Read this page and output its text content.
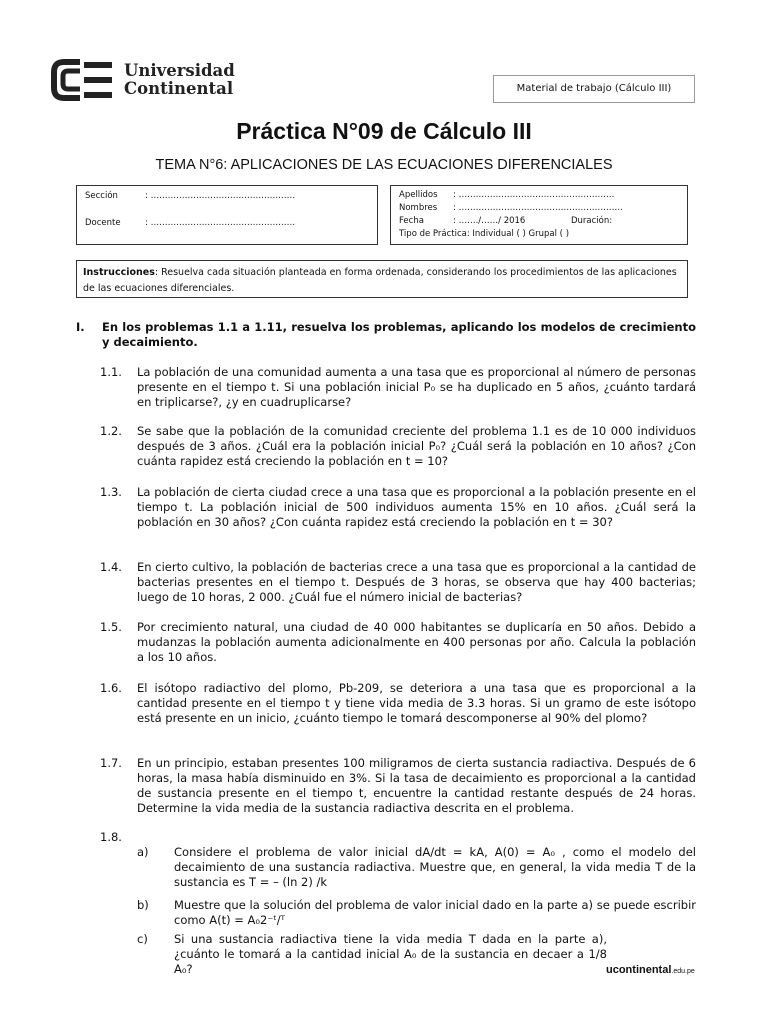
Universidad
Continental	Material de trabajo (Cálculo III)
Práctica N°09 de Cálculo III
TEMA N°6: APLICACIONES DE LAS ECUACIONES DIFERENCIALES
Sección	: ……………………………………………
Docente	: ……………………………………………
Apellidos : ……………………………………………….
Nombres : ………………………………………………….
Fecha	: ……./……/ 2016	Duración:
Tipo de Práctica: Individual ( ) Grupal ( )
Instrucciones: Resuelva cada situación planteada en forma ordenada, considerando los procedimientos de las aplicaciones de las ecuaciones diferenciales.
I. En los problemas 1.1 a 1.11, resuelva los problemas, aplicando los modelos de crecimiento y decaimiento.
1.1. La población de una comunidad aumenta a una tasa que es proporcional al número de personas presente en el tiempo t. Si una población inicial P₀ se ha duplicado en 5 años, ¿cuánto tardará en triplicarse?, ¿y en cuadruplicarse?
1.2. Se sabe que la población de la comunidad creciente del problema 1.1 es de 10 000 individuos después de 3 años. ¿Cuál era la población inicial P₀? ¿Cuál será la población en 10 años? ¿Con cuánta rapidez está creciendo la población en t = 10?
1.3. La población de cierta ciudad crece a una tasa que es proporcional a la población presente en el tiempo t. La población inicial de 500 individuos aumenta 15% en 10 años. ¿Cuál será la población en 30 años? ¿Con cuánta rapidez está creciendo la población en t = 30?
1.4. En cierto cultivo, la población de bacterias crece a una tasa que es proporcional a la cantidad de bacterias presentes en el tiempo t. Después de 3 horas, se observa que hay 400 bacterias; luego de 10 horas, 2 000. ¿Cuál fue el número inicial de bacterias?
1.5. Por crecimiento natural, una ciudad de 40 000 habitantes se duplicaría en 50 años. Debido a mudanzas la población aumenta adicionalmente en 400 personas por año. Calcula la población a los 10 años.
1.6. El isótopo radiactivo del plomo, Pb-209, se deteriora a una tasa que es proporcional a la cantidad presente en el tiempo t y tiene vida media de 3.3 horas. Si un gramo de este isótopo está presente en un inicio, ¿cuánto tiempo le tomará descomponerse al 90% del plomo?
1.7. En un principio, estaban presentes 100 miligramos de cierta sustancia radiactiva. Después de 6 horas, la masa había disminuido en 3%. Si la tasa de decaimiento es proporcional a la cantidad de sustancia presente en el tiempo t, encuentre la cantidad restante después de 24 horas. Determine la vida media de la sustancia radiactiva descrita en el problema.
1.8.
a) Considere el problema de valor inicial dA/dt = kA, A(0) = A₀ , como el modelo del decaimiento de una sustancia radiactiva. Muestre que, en general, la vida media T de la sustancia es T = – (ln 2) /k
b) Muestre que la solución del problema de valor inicial dado en la parte a) se puede escribir como A(t) = A₀2⁻ᵗ/ᵀ
c) Si una sustancia radiactiva tiene la vida media T dada en la parte a), ¿cuánto le tomará a la cantidad inicial A₀ de la sustancia en decaer a 1/8 A₀?	ucontinental.edu.pe
